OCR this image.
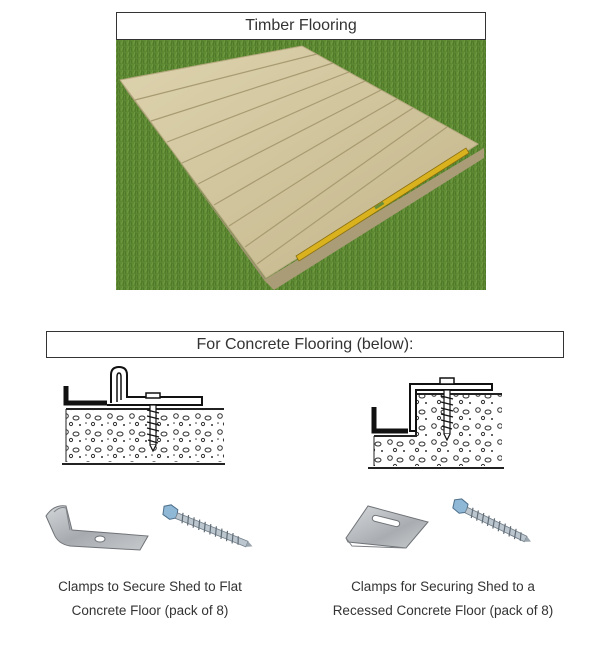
Timber Flooring
For Concrete Flooring (below):
Clamps to Secure Shed to Flat
Concrete Floor (pack of 8)
Clamps for Securing Shed to a
Recessed Concrete Floor (pack of 8)
